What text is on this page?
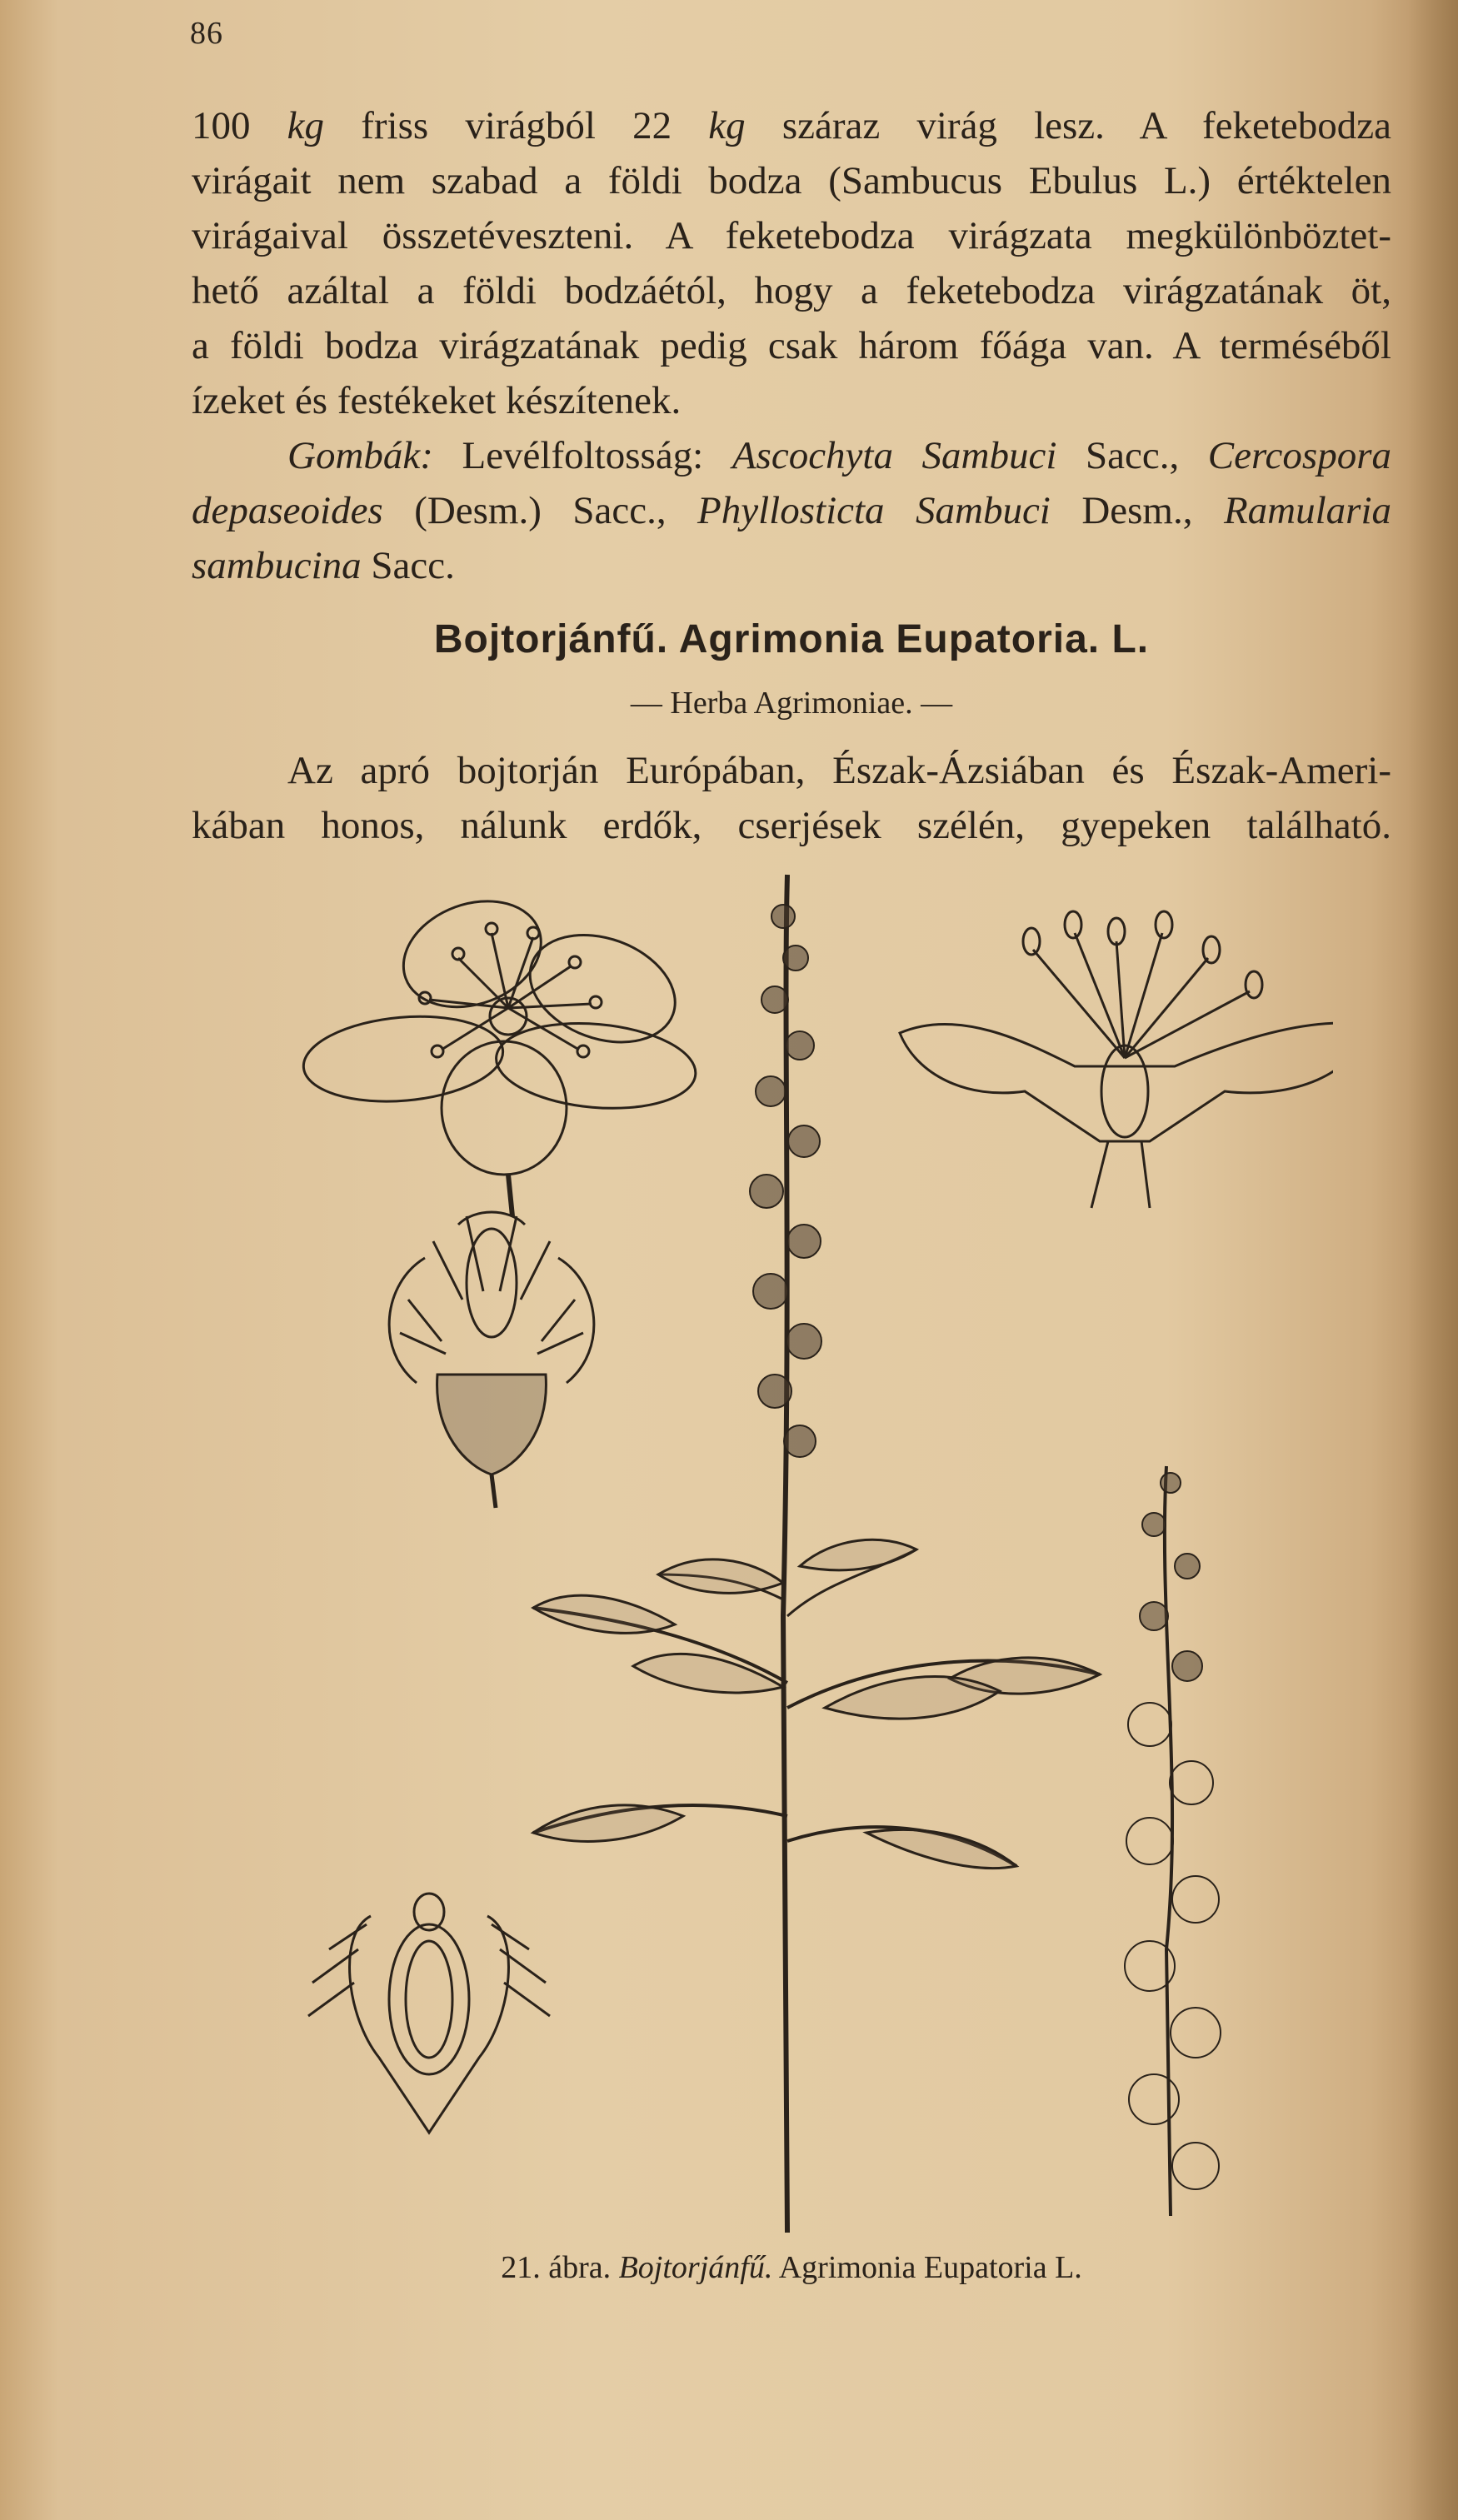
86
100 kg friss virágból 22 kg száraz virág lesz. A feketebodza
virágait nem szabad a földi bodza (Sambucus Ebulus L.) értéktelen
virágaival összetéveszteni. A feketebodza virágzata megkülönböztet-
hető azáltal a földi bodzáétól, hogy a feketebodza virágzatának öt,
a földi bodza virágzatának pedig csak három főága van. A terméséből
ízeket és festékeket készítenek.
Gombák: Levélfoltosság: Ascochyta Sambuci Sacc., Cercospora
depaseoides (Desm.) Sacc., Phyllosticta Sambuci Desm., Ramularia
sambucina Sacc.
Bojtorjánfű. Agrimonia Eupatoria. L.
— Herba Agrimoniae. —
Az apró bojtorján Európában, Észak-Ázsiában és Észak-Ameri-
kában honos, nálunk erdők, cserjések szélén, gyepeken található.
21. ábra. Bojtorjánfű. Agrimonia Eupatoria L.
